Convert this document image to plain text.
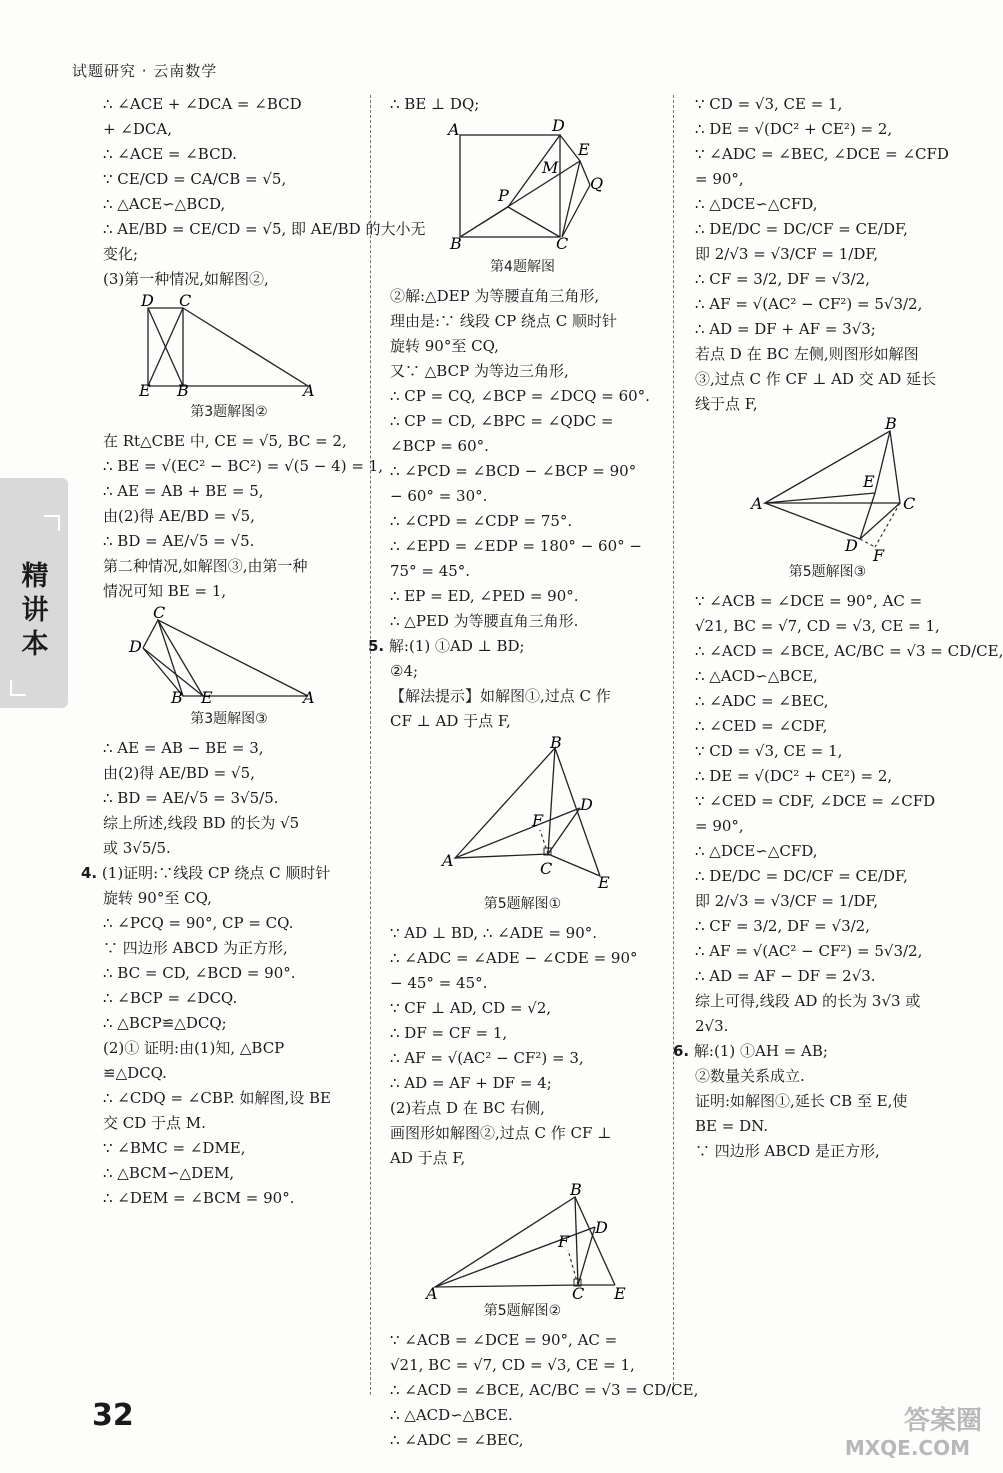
试题研究 · 云南数学
精讲本
∴ ∠ACE + ∠DCA = ∠BCD
+ ∠DCA,
∴ ∠ACE = ∠BCD.
∵ CE/CD = CA/CB = √5,
∴ △ACE∽△BCD,
∴ AE/BD = CE/CD = √5, 即 AE/BD 的大小无
变化;
(3)第一种情况,如解图②,
D C
E B	A
第3题解图②
在 Rt△CBE 中, CE = √5, BC = 2,
∴ BE = √(EC² − BC²) = √(5 − 4) = 1,
∴ AE = AB + BE = 5,
由(2)得 AE/BD = √5,
∴ BD = AE/√5 = √5.
第二种情况,如解图③,由第一种
情况可知 BE = 1,
C
D
B E	A
第3题解图③
∴ AE = AB − BE = 3,
由(2)得 AE/BD = √5,
∴ BD = AE/√5 = 3√5/5.
综上所述,线段 BD 的长为 √5
或 3√5/5.
4. (1)证明:∵线段 CP 绕点 C 顺时针
旋转 90°至 CQ,
∴ ∠PCQ = 90°, CP = CQ.
∵ 四边形 ABCD 为正方形,
∴ BC = CD, ∠BCD = 90°.
∴ ∠BCP = ∠DCQ.
∴ △BCP≌△DCQ;
(2)① 证明:由(1)知, △BCP
≌△DCQ.
∴ ∠CDQ = ∠CBP. 如解图,设 BE
交 CD 于点 M.
∵ ∠BMC = ∠DME,
∴ △BCM∽△DEM,
∴ ∠DEM = ∠BCM = 90°.
∴ BE ⊥ DQ;
A	D
E
M
Q
P
B	C
第4题解图
②解:△DEP 为等腰直角三角形,
理由是:∵ 线段 CP 绕点 C 顺时针
旋转 90°至 CQ,
又∵ △BCP 为等边三角形,
∴ CP = CQ, ∠BCP = ∠DCQ = 60°.
∴ CP = CD, ∠BPC = ∠QDC =
∠BCP = 60°.
∴ ∠PCD = ∠BCD − ∠BCP = 90°
− 60° = 30°.
∴ ∠CPD = ∠CDP = 75°.
∴ ∠EPD = ∠EDP = 180° − 60° −
75° = 45°.
∴ EP = ED, ∠PED = 90°.
∴ △PED 为等腰直角三角形.
5. 解:(1) ①AD ⊥ BD;
②4;
【解法提示】如解图①,过点 C 作
CF ⊥ AD 于点 F,
B
D
F
A	C
E
第5题解图①
∵ AD ⊥ BD, ∴ ∠ADE = 90°.
∴ ∠ADC = ∠ADE − ∠CDE = 90°
− 45° = 45°.
∵ CF ⊥ AD, CD = √2,
∴ DF = CF = 1,
∴ AF = √(AC² − CF²) = 3,
∴ AD = AF + DF = 4;
(2)若点 D 在 BC 右侧,
画图形如解图②,过点 C 作 CF ⊥
AD 于点 F,
B
D
F
A	C E
第5题解图②
∵ ∠ACB = ∠DCE = 90°, AC =
√21, BC = √7, CD = √3, CE = 1,
∴ ∠ACD = ∠BCE, AC/BC = √3 = CD/CE,
∴ △ACD∽△BCE.
∴ ∠ADC = ∠BEC,
∵ CD = √3, CE = 1,
∴ DE = √(DC² + CE²) = 2,
∵ ∠ADC = ∠BEC, ∠DCE = ∠CFD
= 90°,
∴ △DCE∽△CFD,
∴ DE/DC = DC/CF = CE/DF,
即 2/√3 = √3/CF = 1/DF,
∴ CF = 3/2, DF = √3/2,
∴ AF = √(AC² − CF²) = 5√3/2,
∴ AD = DF + AF = 3√3;
若点 D 在 BC 左侧,则图形如解图
③,过点 C 作 CF ⊥ AD 交 AD 延长
线于点 F,
B
E
A	C
D
F
第5题解图③
∵ ∠ACB = ∠DCE = 90°, AC =
√21, BC = √7, CD = √3, CE = 1,
∴ ∠ACD = ∠BCE, AC/BC = √3 = CD/CE,
∴ △ACD∽△BCE,
∴ ∠ADC = ∠BEC,
∴ ∠CED = ∠CDF,
∵ CD = √3, CE = 1,
∴ DE = √(DC² + CE²) = 2,
∵ ∠CED = CDF, ∠DCE = ∠CFD
= 90°,
∴ △DCE∽△CFD,
∴ DE/DC = DC/CF = CE/DF,
即 2/√3 = √3/CF = 1/DF,
∴ CF = 3/2, DF = √3/2,
∴ AF = √(AC² − CF²) = 5√3/2,
∴ AD = AF − DF = 2√3.
综上可得,线段 AD 的长为 3√3 或
2√3.
6. 解:(1) ①AH = AB;
②数量关系成立.
证明:如解图①,延长 CB 至 E,使
BE = DN.
∵ 四边形 ABCD 是正方形,
32	答案圈
MXQE.COM
